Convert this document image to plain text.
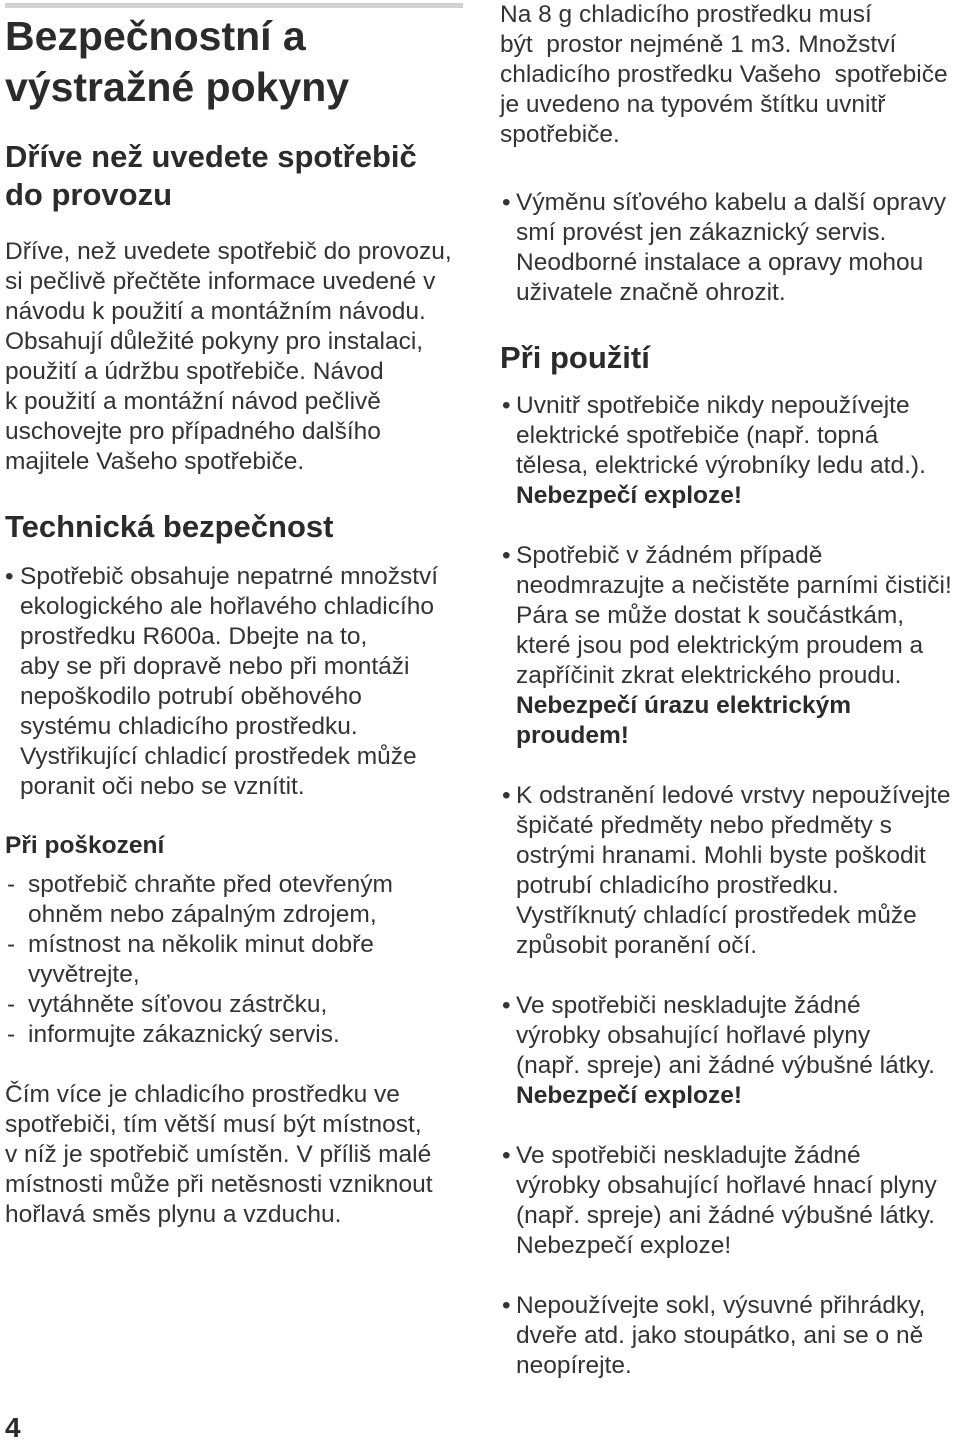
Bezpečnostní a
výstražné pokyny
Dříve než uvedete spotřebič
do provozu
Dříve, než uvedete spotřebič do provozu,
si pečlivě přečtěte informace uvedené v
návodu k použití a montážním návodu.
Obsahují důležité pokyny pro instalaci,
použití a údržbu spotřebiče. Návod
k použití a montážní návod pečlivě
uschovejte pro případného dalšího
majitele Vašeho spotřebiče.
Technická bezpečnost
• Spotřebič obsahuje nepatrné množství
ekologického ale hořlavého chladicího
prostředku R600a. Dbejte na to,
aby se při dopravě nebo při montáži
nepoškodilo potrubí oběhového
systému chladicího prostředku.
Vystřikující chladicí prostředek může
poranit oči nebo se vznítit.
Při poškození
- spotřebič chraňte před otevřeným
ohněm nebo zápalným zdrojem,
- místnost na několik minut dobře
vyvětrejte,
- vytáhněte síťovou zástrčku,
- informujte zákaznický servis.
Čím více je chladicího prostředku ve
spotřebiči, tím větší musí být místnost,
v níž je spotřebič umístěn. V příliš malé
místnosti může při netěsnosti vzniknout
hořlavá směs plynu a vzduchu.
4
Na 8 g chladicího prostředku musí
být  prostor nejméně 1 m3. Množství
chladicího prostředku Vašeho  spotřebiče
je uvedeno na typovém štítku uvnitř
spotřebiče.
• Výměnu síťového kabelu a další opravy
smí provést jen zákaznický servis.
Neodborné instalace a opravy mohou
uživatele značně ohrozit.
Při použití
• Uvnitř spotřebiče nikdy nepoužívejte
elektrické spotřebiče (např. topná
tělesa, elektrické výrobníky ledu atd.).
Nebezpečí exploze!
• Spotřebič v žádném případě
neodmrazujte a nečistěte parními čističi!
Pára se může dostat k součástkám,
které jsou pod elektrickým proudem a
zapříčinit zkrat elektrického proudu.
Nebezpečí úrazu elektrickým
proudem!
• K odstranění ledové vrstvy nepoužívejte
špičaté předměty nebo předměty s
ostrými hranami. Mohli byste poškodit
potrubí chladicího prostředku.
Vystříknutý chladící prostředek může
způsobit poranění očí.
• Ve spotřebiči neskladujte žádné
výrobky obsahující hořlavé plyny
(např. spreje) ani žádné výbušné látky.
Nebezpečí exploze!
• Ve spotřebiči neskladujte žádné
výrobky obsahující hořlavé hnací plyny
(např. spreje) ani žádné výbušné látky.
Nebezpečí exploze!
• Nepoužívejte sokl, výsuvné přihrádky,
dveře atd. jako stoupátko, ani se o ně
neopírejte.
